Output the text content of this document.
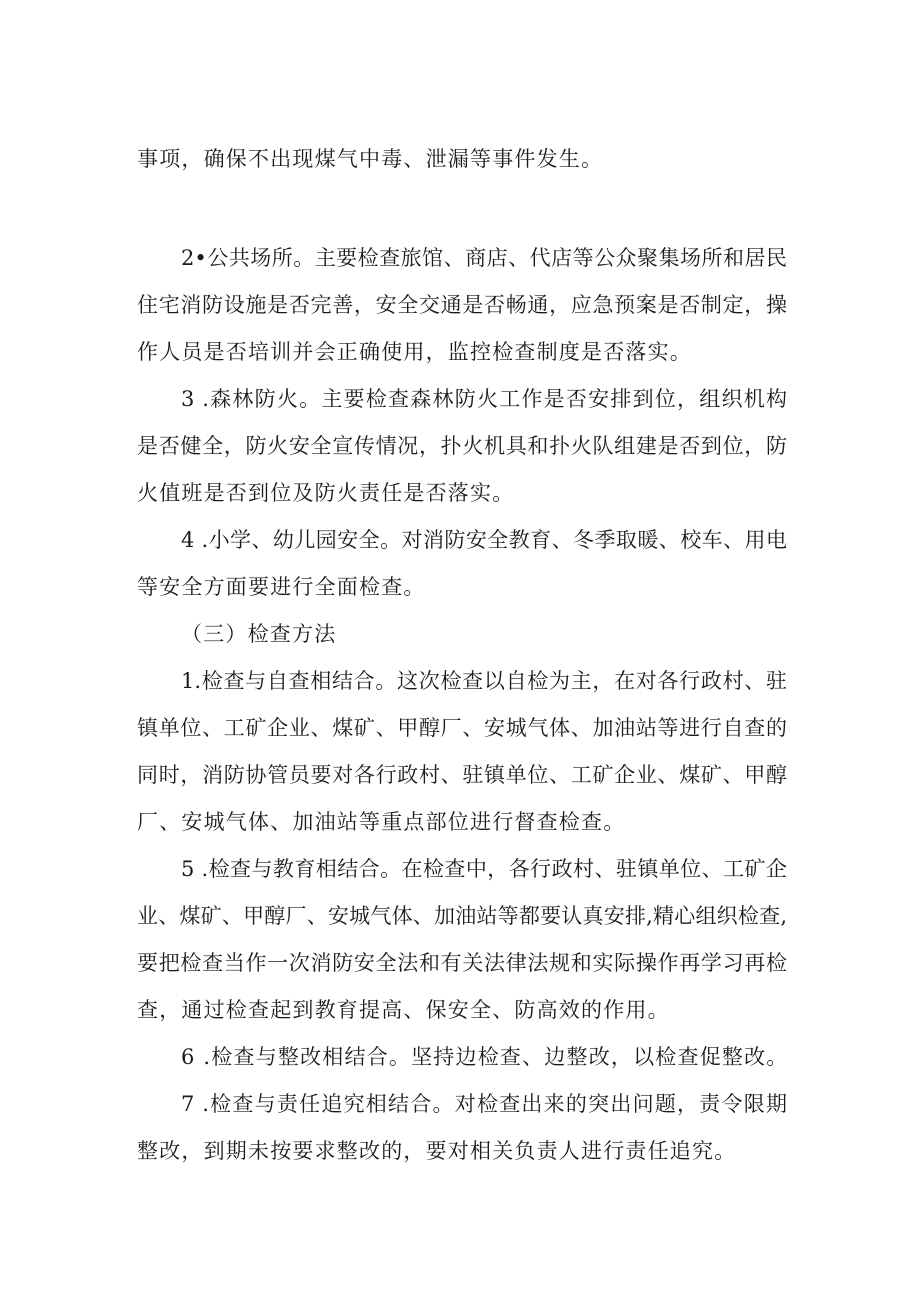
事项，确保不出现煤气中毒、泄漏等事件发生。
2•公共场所。主要检查旅馆、商店、代店等公众聚集场所和居民
住宅消防设施是否完善，安全交通是否畅通，应急预案是否制定，操
作人员是否培训并会正确使用，监控检查制度是否落实。
3 .森林防火。主要检查森林防火工作是否安排到位，组织机构
是否健全，防火安全宣传情况，扑火机具和扑火队组建是否到位，防
火值班是否到位及防火责任是否落实。
4 .小学、幼儿园安全。对消防安全教育、冬季取暖、校车、用电
等安全方面要进行全面检查。
（三）检查方法
1.检查与自查相结合。这次检查以自检为主，在对各行政村、驻
镇单位、工矿企业、煤矿、甲醇厂、安城气体、加油站等进行自查的
同时，消防协管员要对各行政村、驻镇单位、工矿企业、煤矿、甲醇
厂、安城气体、加油站等重点部位进行督查检查。
5 .检查与教育相结合。在检查中，各行政村、驻镇单位、工矿企
业、煤矿、甲醇厂、安城气体、加油站等都要认真安排,精心组织检查,
要把检查当作一次消防安全法和有关法律法规和实际操作再学习再检
查，通过检查起到教育提高、保安全、防高效的作用。
6 .检查与整改相结合。坚持边检查、边整改，以检查促整改。
7 .检查与责任追究相结合。对检查出来的突出问题，责令限期
整改，到期未按要求整改的，要对相关负责人进行责任追究。
